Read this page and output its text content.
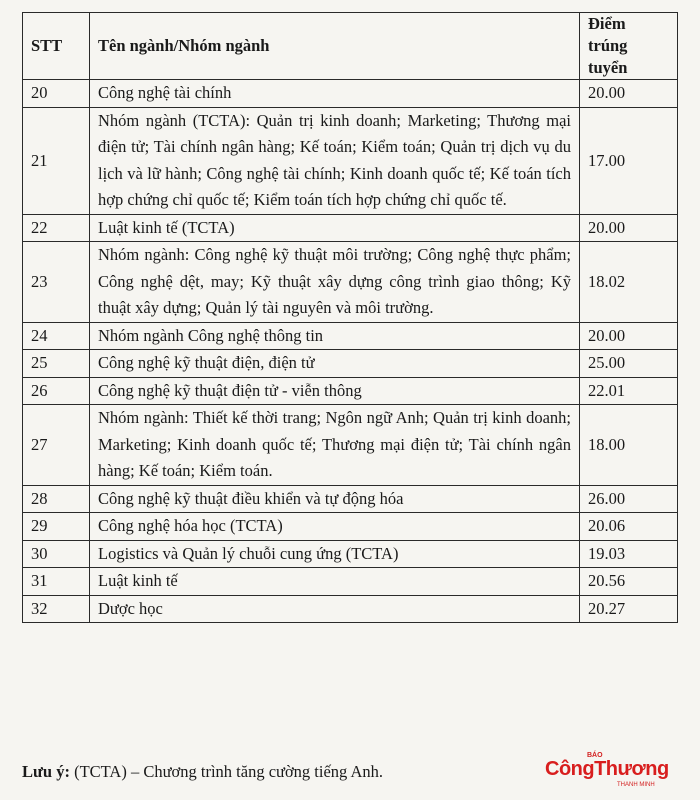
STT	Tên ngành/Nhóm ngành	Điểm trúng tuyển
20	Công nghệ tài chính	20.00
21	Nhóm ngành (TCTA): Quản trị kinh doanh; Marketing; Thương mại điện tử; Tài chính ngân hàng; Kế toán; Kiểm toán; Quản trị dịch vụ du lịch và lữ hành; Công nghệ tài chính; Kinh doanh quốc tế; Kế toán tích hợp chứng chỉ quốc tế; Kiểm toán tích hợp chứng chỉ quốc tế.	17.00
22	Luật kinh tế (TCTA)	20.00
23	Nhóm ngành: Công nghệ kỹ thuật môi trường; Công nghệ thực phẩm; Công nghệ dệt, may; Kỹ thuật xây dựng công trình giao thông; Kỹ thuật xây dựng; Quản lý tài nguyên và môi trường.	18.02
24	Nhóm ngành Công nghệ thông tin	20.00
25	Công nghệ kỹ thuật điện, điện tử	25.00
26	Công nghệ kỹ thuật điện tử - viễn thông	22.01
27	Nhóm ngành: Thiết kế thời trang; Ngôn ngữ Anh; Quản trị kinh doanh; Marketing; Kinh doanh quốc tế; Thương mại điện tử; Tài chính ngân hàng; Kế toán; Kiểm toán.	18.00
28	Công nghệ kỹ thuật điều khiển và tự động hóa	26.00
29	Công nghệ hóa học (TCTA)	20.06
30	Logistics và Quản lý chuỗi cung ứng (TCTA)	19.03
31	Luật kinh tế	20.56
32	Dược học	20.27
Lưu ý: (TCTA) – Chương trình tăng cường tiếng Anh.
BÁO
CôngThương
THANH MINH
